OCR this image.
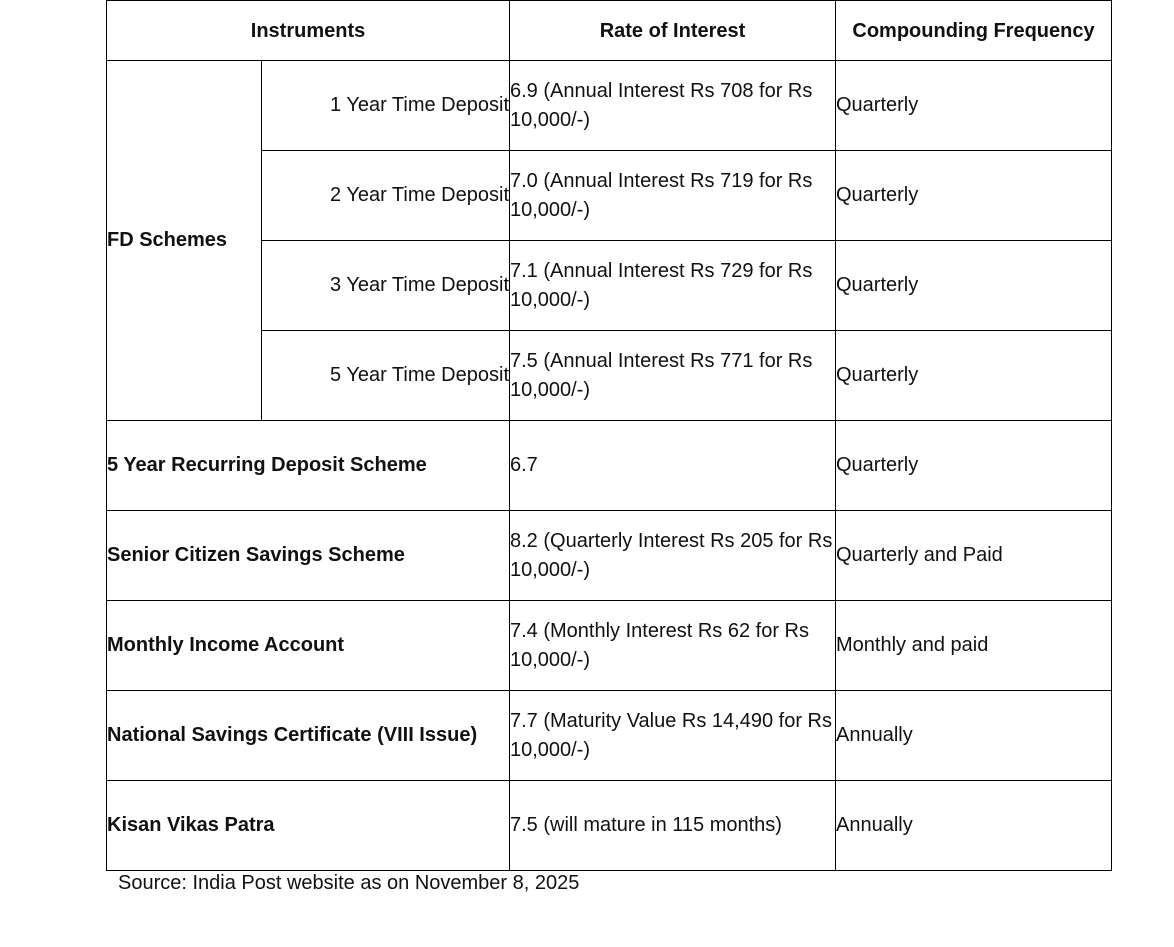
Instruments		Rate of Interest	Compounding Frequency
FD Schemes	1 Year Time Deposit	6.9 (Annual Interest Rs 708 for Rs 10,000/-)	Quarterly
	2 Year Time Deposit	7.0 (Annual Interest Rs 719 for Rs 10,000/-)	Quarterly
	3 Year Time Deposit	7.1 (Annual Interest Rs 729 for Rs 10,000/-)	Quarterly
	5 Year Time Deposit	7.5 (Annual Interest Rs 771 for Rs 10,000/-)	Quarterly
5 Year Recurring Deposit Scheme		6.7	Quarterly
Senior Citizen Savings Scheme		8.2 (Quarterly Interest Rs 205 for Rs 10,000/-)	Quarterly and Paid
Monthly Income Account		7.4 (Monthly Interest Rs 62 for Rs 10,000/-)	Monthly and paid
National Savings Certificate (VIII Issue)		7.7 (Maturity Value Rs 14,490 for Rs 10,000/-)	Annually
Kisan Vikas Patra		7.5 (will mature in 115 months)	Annually
Source: India Post website as on November 8, 2025
